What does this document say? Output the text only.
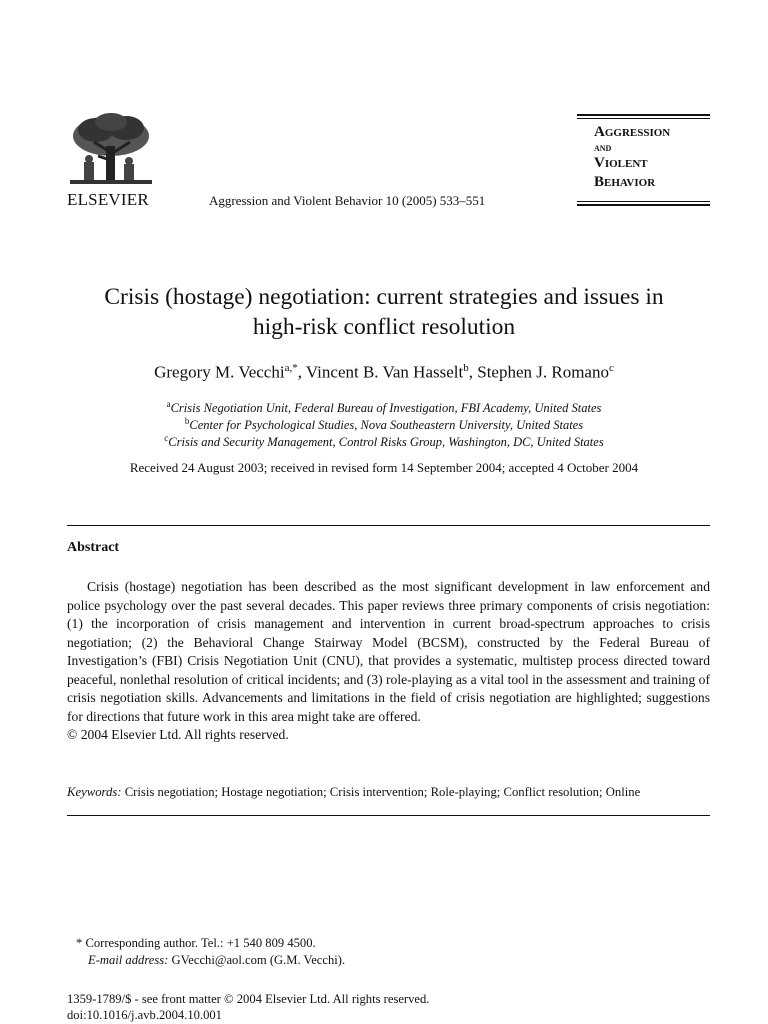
ELSEVIER	Aggression and Violent Behavior 10 (2005) 533–551
Aggression
and
Violent
Behavior
Crisis (hostage) negotiation: current strategies and issues in
high-risk conflict resolution
Gregory M. Vecchi$^{a,*}$, Vincent B. Van Hasselt$^b$, Stephen J. Romano$^c$
$^a$Crisis Negotiation Unit, Federal Bureau of Investigation, FBI Academy, United States
$^b$Center for Psychological Studies, Nova Southeastern University, United States
$^c$Crisis and Security Management, Control Risks Group, Washington, DC, United States
Received 24 August 2003; received in revised form 14 September 2004; accepted 4 October 2004
Abstract

Crisis (hostage) negotiation has been described as the most significant development in law enforcement and police psychology over the past several decades. This paper reviews three primary components of crisis negotiation: (1) the incorporation of crisis management and intervention in current broad-spectrum approaches to crisis negotiation; (2) the Behavioral Change Stairway Model (BCSM), constructed by the Federal Bureau of Investigation’s (FBI) Crisis Negotiation Unit (CNU), that provides a systematic, multistep process directed toward peaceful, nonlethal resolution of critical incidents; and (3) role-playing as a vital tool in the assessment and training of crisis negotiation skills. Advancements and limitations in the field of crisis negotiation are highlighted; suggestions for directions that future work in this area might take are offered.

© 2004 Elsevier Ltd. All rights reserved.

Keywords: Crisis negotiation; Hostage negotiation; Crisis intervention; Role-playing; Conflict resolution; Online
* Corresponding author. Tel.: +1 540 809 4500.
E-mail address: GVecchi@aol.com (G.M. Vecchi).
1359-1789/$ - see front matter © 2004 Elsevier Ltd. All rights reserved.
doi:10.1016/j.avb.2004.10.001
